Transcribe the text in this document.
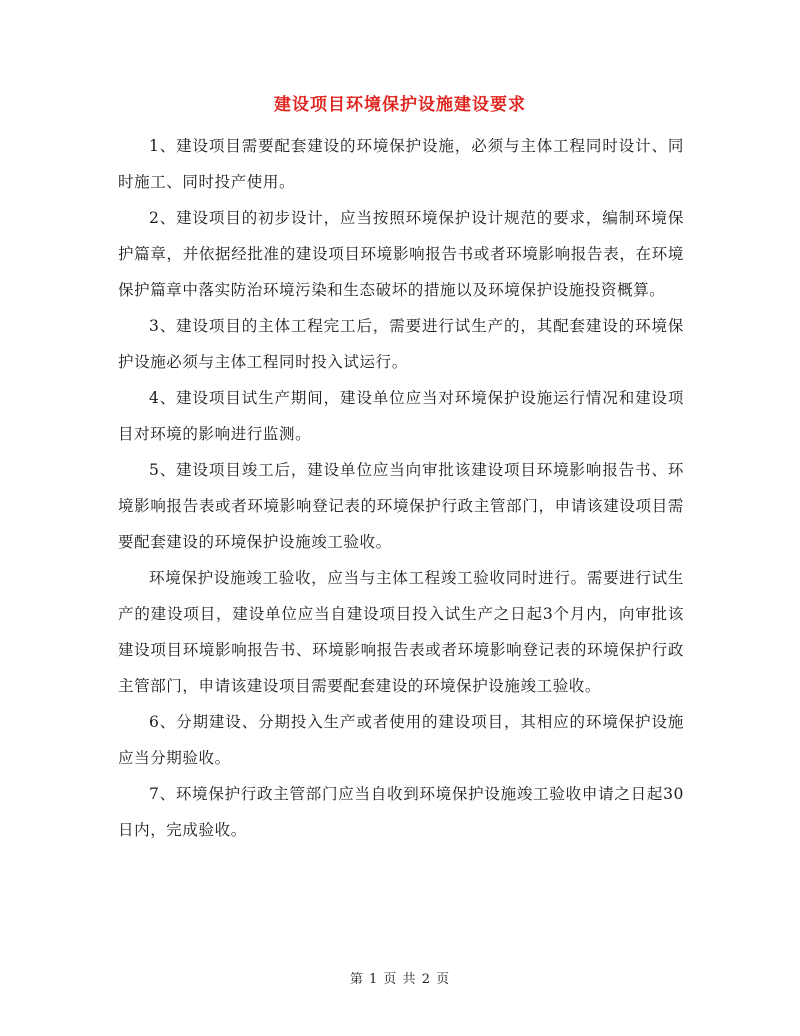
建设项目环境保护设施建设要求

1、建设项目需要配套建设的环境保护设施，必须与主体工程同时设计、同时施工、同时投产使用。

2、建设项目的初步设计，应当按照环境保护设计规范的要求，编制环境保护篇章，并依据经批准的建设项目环境影响报告书或者环境影响报告表，在环境保护篇章中落实防治环境污染和生态破坏的措施以及环境保护设施投资概算。

3、建设项目的主体工程完工后，需要进行试生产的，其配套建设的环境保护设施必须与主体工程同时投入试运行。

4、建设项目试生产期间，建设单位应当对环境保护设施运行情况和建设项目对环境的影响进行监测。

5、建设项目竣工后，建设单位应当向审批该建设项目环境影响报告书、环境影响报告表或者环境影响登记表的环境保护行政主管部门，申请该建设项目需要配套建设的环境保护设施竣工验收。

环境保护设施竣工验收，应当与主体工程竣工验收同时进行。需要进行试生产的建设项目，建设单位应当自建设项目投入试生产之日起3个月内，向审批该建设项目环境影响报告书、环境影响报告表或者环境影响登记表的环境保护行政主管部门，申请该建设项目需要配套建设的环境保护设施竣工验收。

6、分期建设、分期投入生产或者使用的建设项目，其相应的环境保护设施应当分期验收。

7、环境保护行政主管部门应当自收到环境保护设施竣工验收申请之日起30日内，完成验收。

第 1 页 共 2 页
